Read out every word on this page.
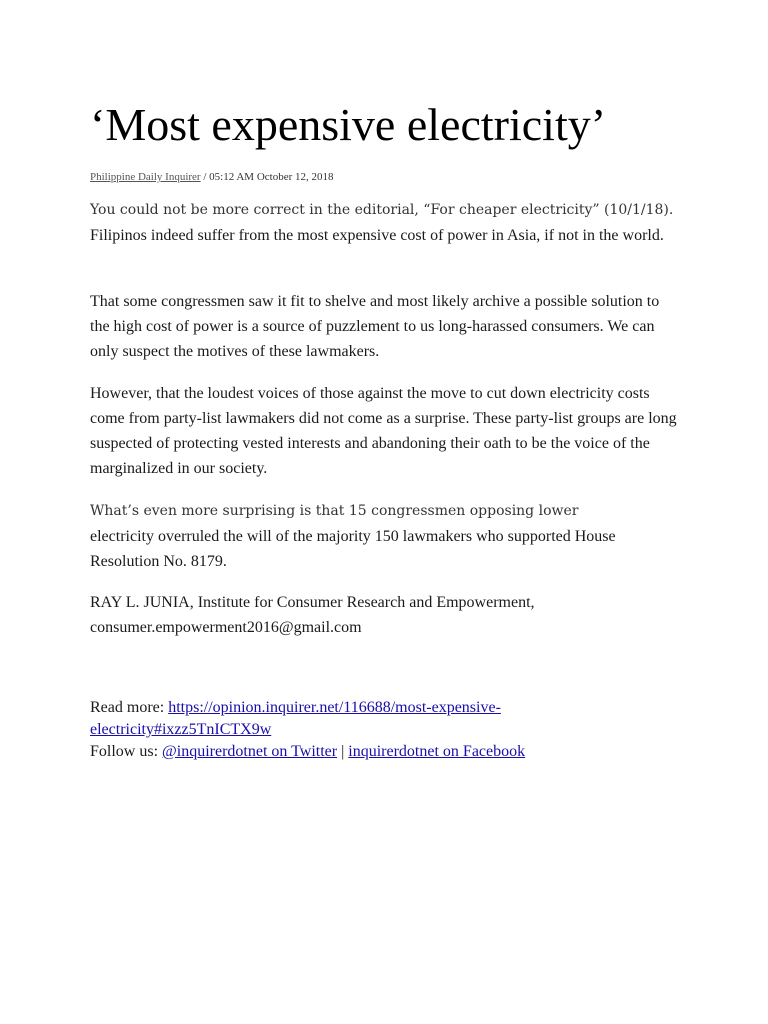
‘Most expensive electricity’
Philippine Daily Inquirer / 05:12 AM October 12, 2018

You could not be more correct in the editorial, “For cheaper electricity” (10/1/18). Filipinos indeed suffer from the most expensive cost of power in Asia, if not in the world.

That some congressmen saw it fit to shelve and most likely archive a possible solution to the high cost of power is a source of puzzlement to us long-harassed consumers. We can only suspect the motives of these lawmakers.

However, that the loudest voices of those against the move to cut down electricity costs come from party-list lawmakers did not come as a surprise. These party-list groups are long suspected of protecting vested interests and abandoning their oath to be the voice of the marginalized in our society.

What’s even more surprising is that 15 congressmen opposing lower
electricity overruled the will of the majority 150 lawmakers who supported House Resolution No. 8179.

RAY L. JUNIA, Institute for Consumer Research and Empowerment,
consumer.empowerment2016@gmail.com

Read more: https://opinion.inquirer.net/116688/most-expensive-electricity#ixzz5TnICTX9w
Follow us: @inquirerdotnet on Twitter | inquirerdotnet on Facebook
